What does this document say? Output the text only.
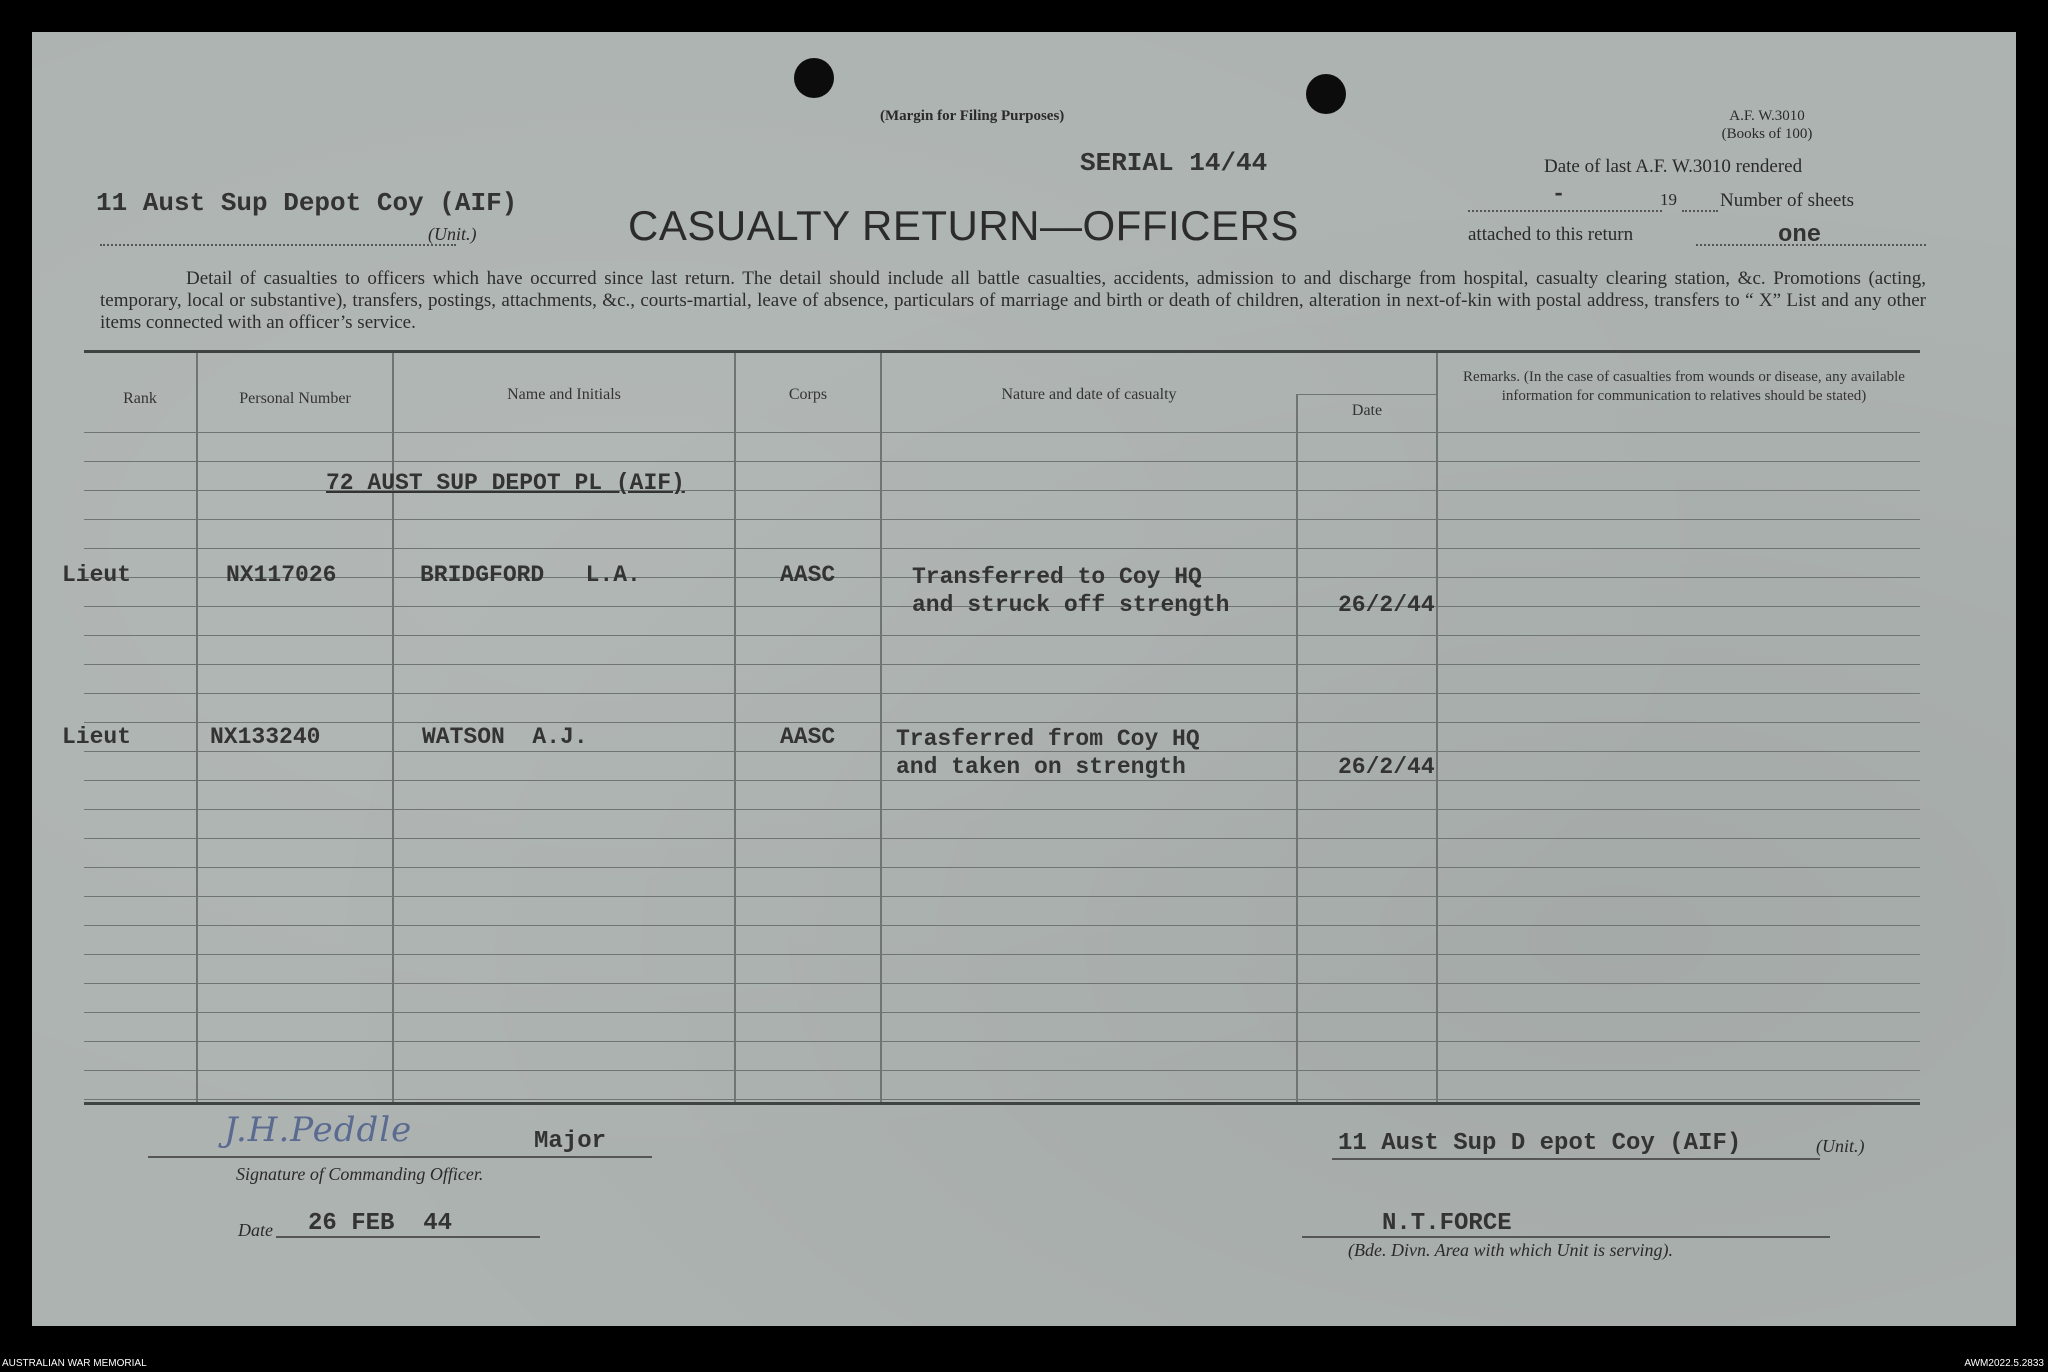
(Margin for Filing Purposes)	A.F. W.3010
(Books of 100)
SERIAL 14/44
11 Aust Sup Depot Coy (AIF)
(Unit.)	CASUALTY RETURN—OFFICERS
Date of last A.F. W.3010 rendered
-	19 Number of sheets
attached to this return	one
Detail of casualties to officers which have occurred since last return. The detail should include all battle casualties, accidents, admission to and discharge from hospital, casualty clearing station, &c. Promotions (acting, temporary, local or substantive), transfers, postings, attachments, &c., courts-martial, leave of absence, particulars of marriage and birth or death of children, alteration in next-of-kin with postal address, transfers to “ X” List and any other items connected with an officer’s service.
Rank	Personal Number	Name and Initials	Corps	Nature and date of casualty
Date
Remarks. (In the case of casualties from wounds or disease, any available information for communication to relatives should be stated)
72 AUST SUP DEPOT PL (AIF)
Lieut	NX117026	BRIDGFORD   L.A.	AASC	Transferred to Coy HQ
and struck off strength	26/2/44
Lieut	NX133240	WATSON  A.J.	AASC	Trasferred from Coy HQ
and taken on strength	26/2/44
J.H.Peddle	Major
Signature of Commanding Officer.
Date 26 FEB  44
11 Aust Sup D epot Coy (AIF)	(Unit.)
N.T.FORCE
(Bde. Divn. Area with which Unit is serving).
AUSTRALIAN WAR MEMORIAL	AWM2022.5.2833
